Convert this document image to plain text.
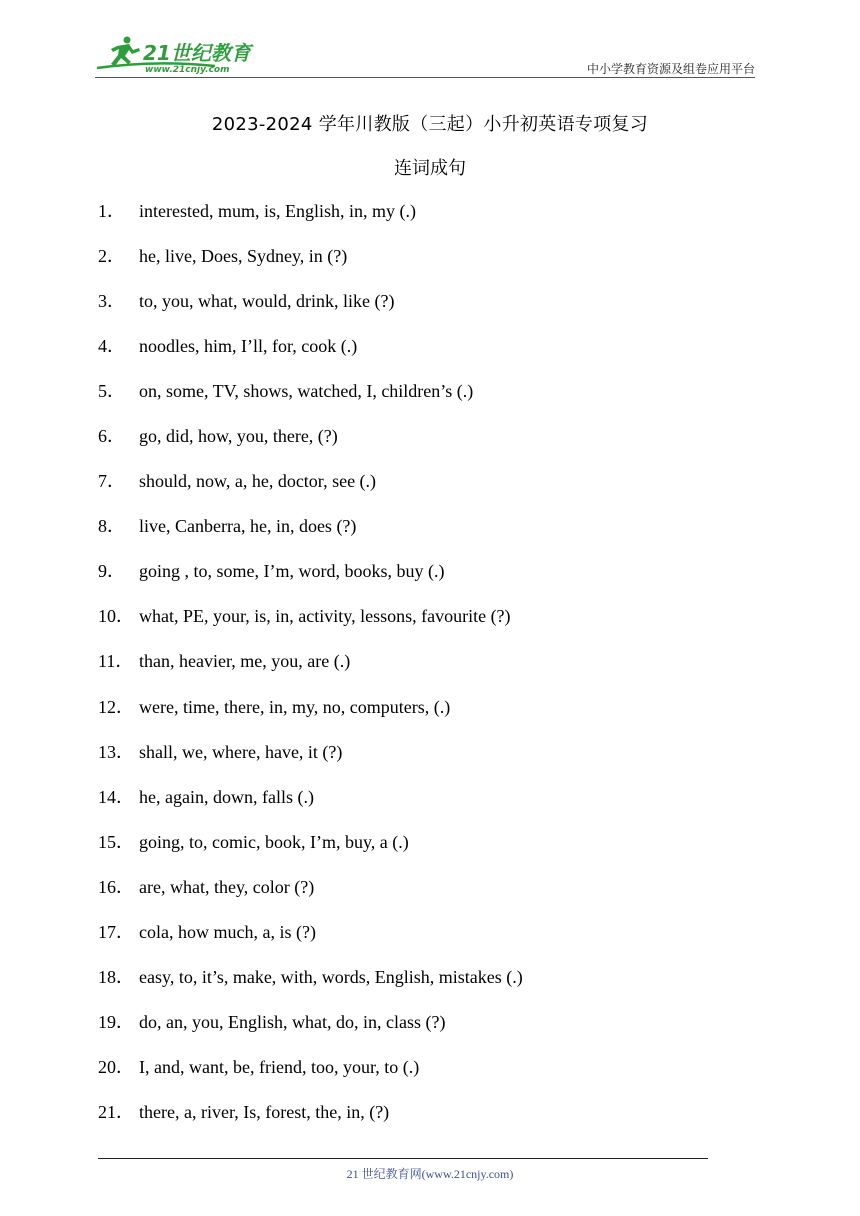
21世纪教育
www.21cnjy.com	中小学教育资源及组卷应用平台
2023-2024 学年川教版（三起）小升初英语专项复习
连词成句
1． interested, mum, is, English, in, my (.)
2． he, live, Does, Sydney, in (?)
3． to, you, what, would, drink, like (?)
4． noodles, him, I’ll, for, cook (.)
5． on, some, TV, shows, watched, I, children’s (.)
6． go, did, how, you, there, (?)
7． should, now, a, he, doctor, see (.)
8． live, Canberra, he, in, does (?)
9． going , to, some, I’m, word, books, buy (.)
10． what, PE, your, is, in, activity, lessons, favourite (?)
11． than, heavier, me, you, are (.)
12． were, time, there, in, my, no, computers, (.)
13． shall, we, where, have, it (?)
14． he, again, down, falls (.)
15． going, to, comic, book, I’m, buy, a (.)
16． are, what, they, color (?)
17． cola, how much, a, is (?)
18． easy, to, it’s, make, with, words, English, mistakes (.)
19． do, an, you, English, what, do, in, class (?)
20． I, and, want, be, friend, too, your, to (.)
21． there, a, river, Is, forest, the, in, (?)
21 世纪教育网(www.21cnjy.com)
